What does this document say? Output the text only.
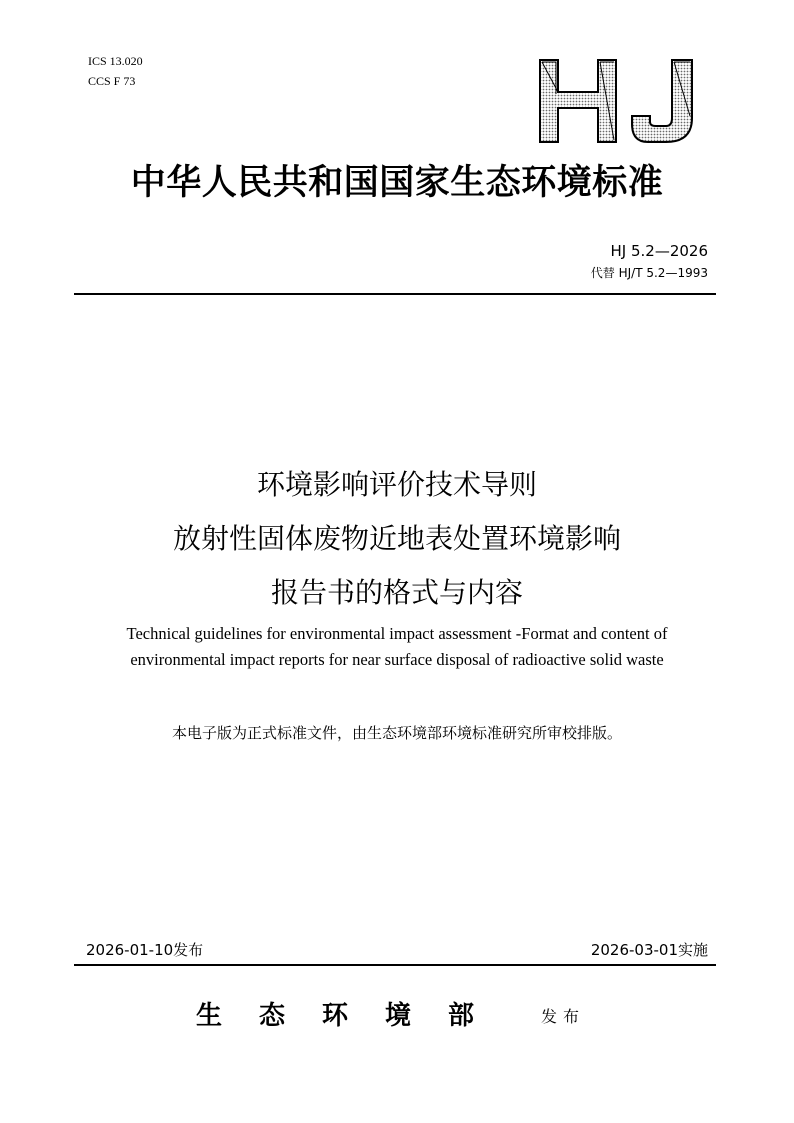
ICS 13.020
CCS F 73
中华人民共和国国家生态环境标准
HJ 5.2—2026
代替 HJ/T 5.2—1993
环境影响评价技术导则
放射性固体废物近地表处置环境影响
报告书的格式与内容
Technical guidelines for environmental impact assessment -Format and content of environmental impact reports for near surface disposal of radioactive solid waste
本电子版为正式标准文件，由生态环境部环境标准研究所审校排版。
2026-01-10发布	2026-03-01实施
生态环境部 发布
